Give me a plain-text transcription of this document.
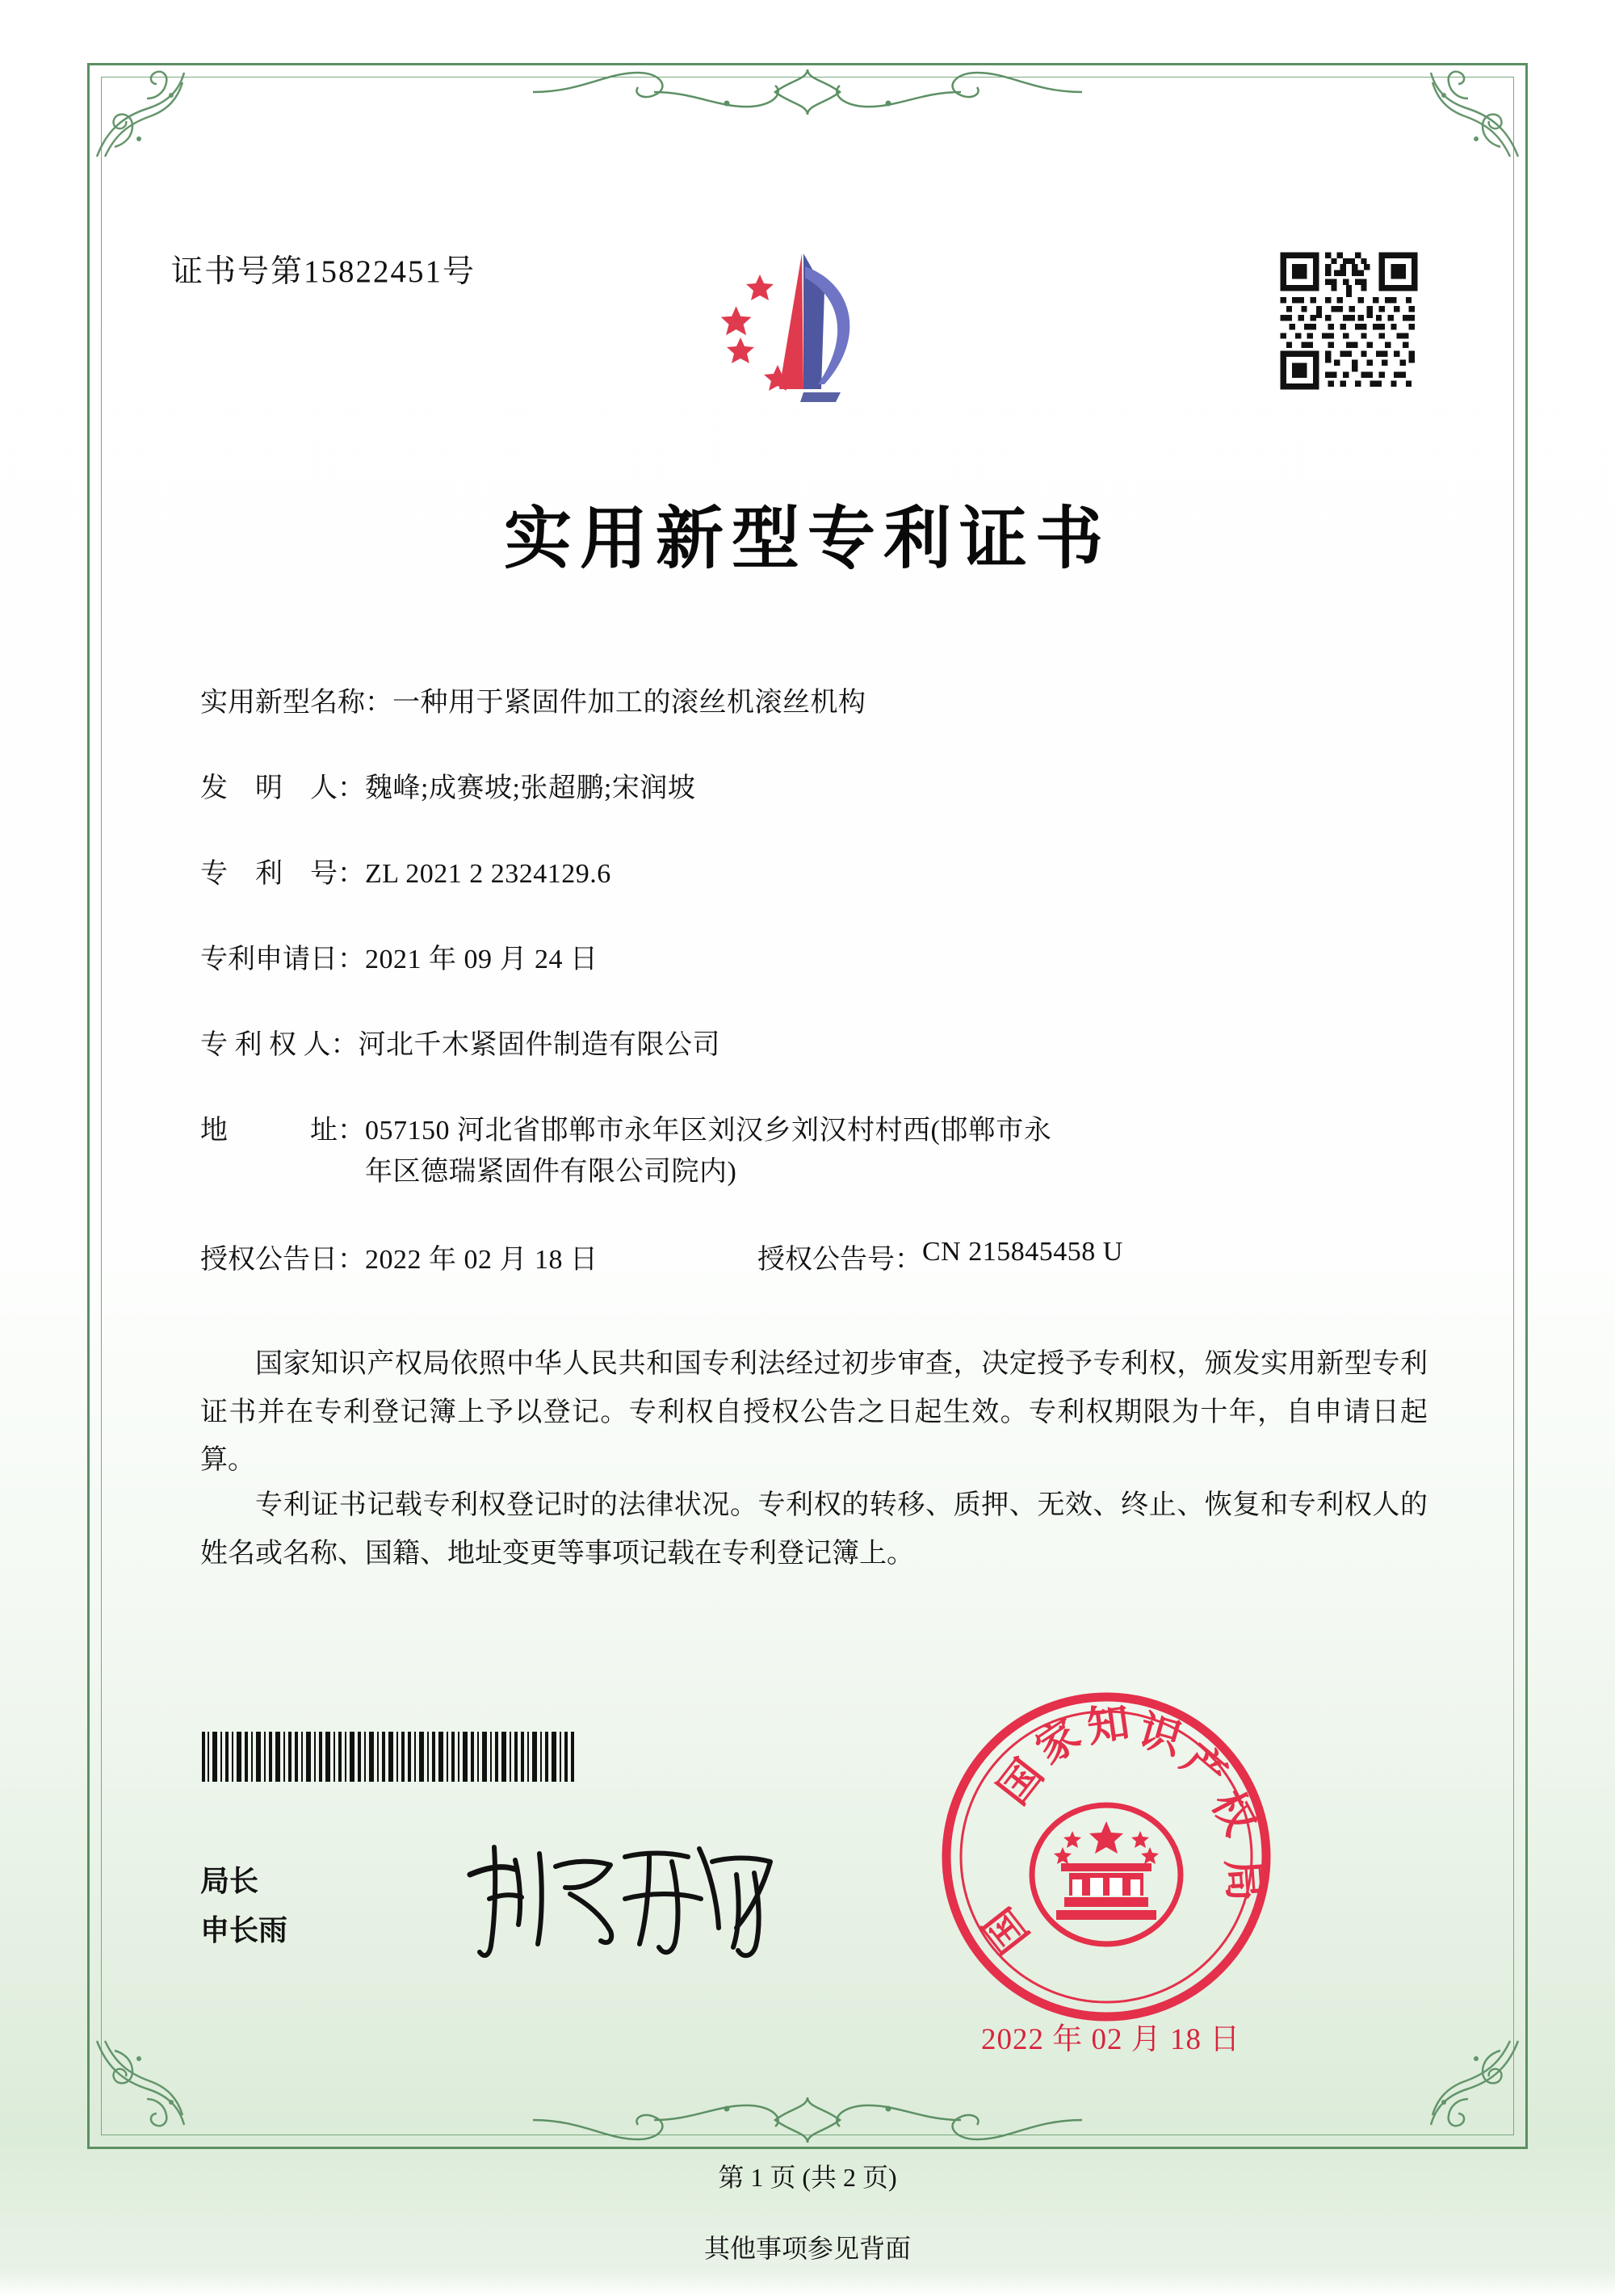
证书号第15822451号
实用新型专利证书
实用新型名称： 一种用于紧固件加工的滚丝机滚丝机构
发　明　人： 魏峰;成赛坡;张超鹏;宋润坡
专　利　号： ZL 2021 2 2324129.6
专利申请日： 2021 年 09 月 24 日
专 利 权 人： 河北千木紧固件制造有限公司
地　　　址： 057150 河北省邯郸市永年区刘汉乡刘汉村村西(邯郸市永
年区德瑞紧固件有限公司院内)
授权公告日： 2022 年 02 月 18 日	授权公告号： CN 215845458 U
国家知识产权局依照中华人民共和国专利法经过初步审查，决定授予专利权，颁发实用新型专利证书并在专利登记簿上予以登记。专利权自授权公告之日起生效。专利权期限为十年，自申请日起算。
专利证书记载专利权登记时的法律状况。专利权的转移、质押、无效、终止、恢复和专利权人的姓名或名称、国籍、地址变更等事项记载在专利登记簿上。
局长
申长雨
国
家
知 识
产
权
局
国
2022 年 02 月 18 日
第 1 页 (共 2 页)
其他事项参见背面
